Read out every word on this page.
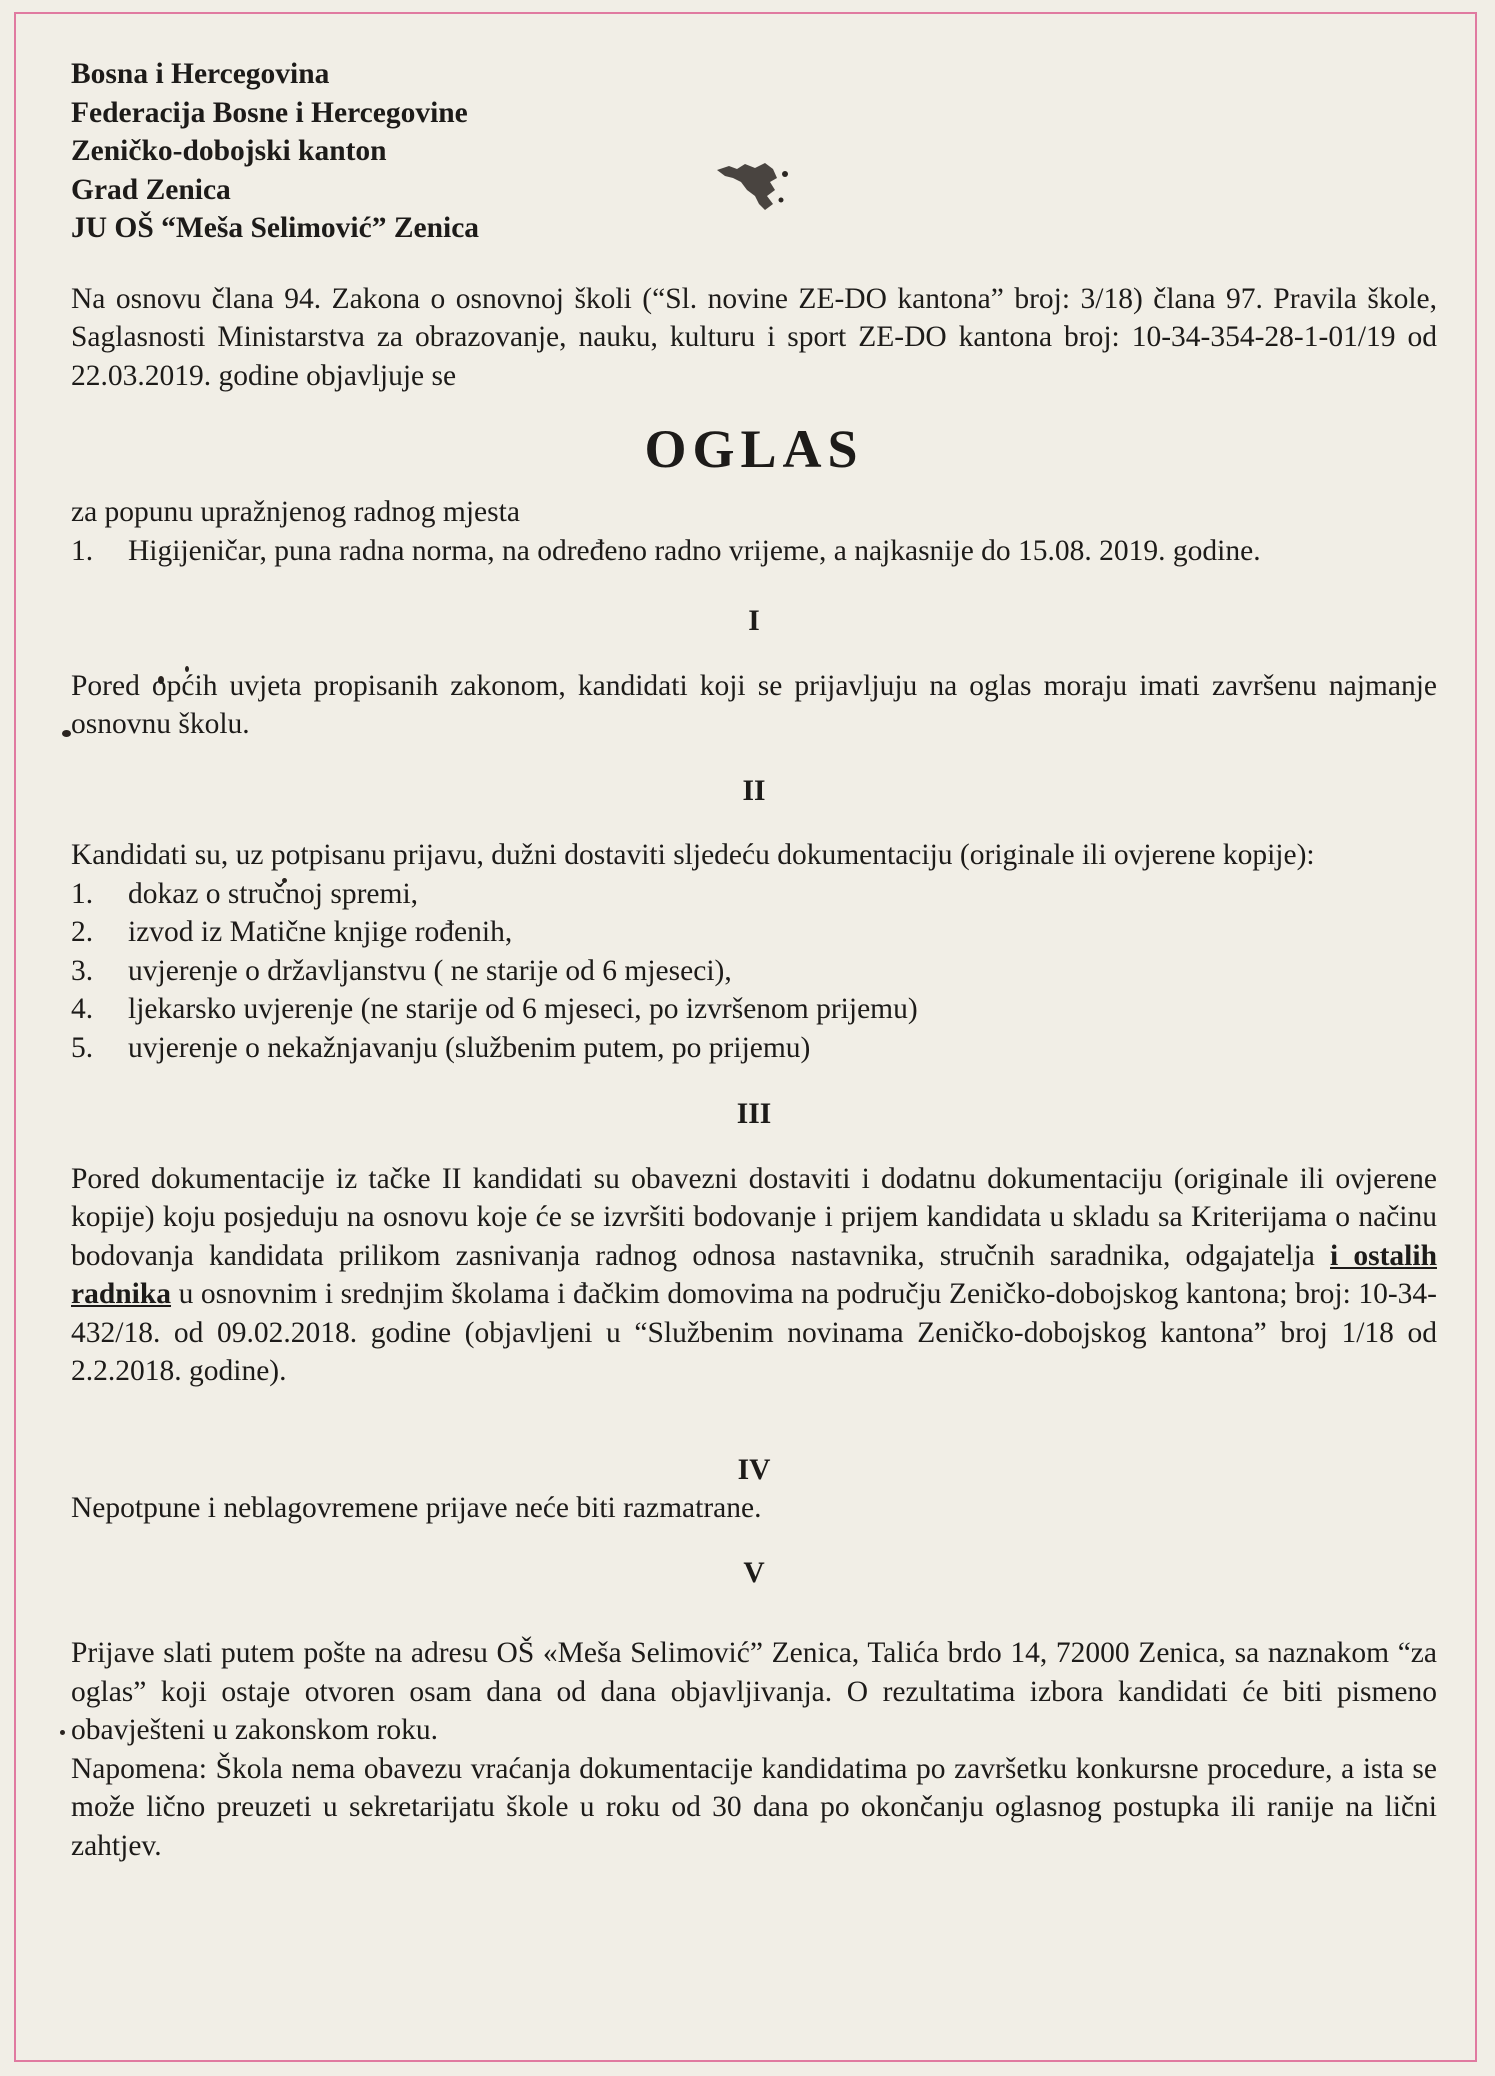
Bosna i Hercegovina
Federacija Bosne i Hercegovine
Zeničko-dobojski kanton
Grad Zenica
JU OŠ “Meša Selimović” Zenica

Na osnovu člana 94. Zakona o osnovnoj školi (“Sl. novine ZE-DO kantona” broj: 3/18) člana 97. Pravila škole, Saglasnosti Ministarstva za obrazovanje, nauku, kulturu i sport ZE-DO kantona broj: 10-34-354-28-1-01/19 od 22.03.2019. godine objavljuje se

OGLAS
za popunu upražnjenog radnog mjesta
1.	Higijeničar, puna radna norma, na određeno radno vrijeme, a najkasnije do 15.08. 2019. godine.
I

Pored općih uvjeta propisanih zakonom, kandidati koji se prijavljuju na oglas moraju imati završenu najmanje osnovnu školu.

II

Kandidati su, uz potpisanu prijavu, dužni dostaviti sljedeću dokumentaciju (originale ili ovjerene kopije):

1.	dokaz o stručnoj spremi,
2.	izvod iz Matične knjige rođenih,
3.	uvjerenje o državljanstvu ( ne starije od 6 mjeseci),
4.	ljekarsko uvjerenje (ne starije od 6 mjeseci, po izvršenom prijemu)
5.	uvjerenje o nekažnjavanju (službenim putem, po prijemu)
III

Pored dokumentacije iz tačke II kandidati su obavezni dostaviti i dodatnu dokumentaciju (originale ili ovjerene kopije) koju posjeduju na osnovu koje će se izvršiti bodovanje i prijem kandidata u skladu sa Kriterijama o načinu bodovanja kandidata prilikom zasnivanja radnog odnosa nastavnika, stručnih saradnika, odgajatelja i ostalih radnika u osnovnim i srednjim školama i đačkim domovima na području Zeničko-dobojskog kantona; broj: 10-34-432/18. od 09.02.2018. godine (objavljeni u “Službenim novinama Zeničko-dobojskog kantona” broj 1/18 od 2.2.2018. godine).

IV

Nepotpune i neblagovremene prijave neće biti razmatrane.

V

Prijave slati putem pošte na adresu OŠ «Meša Selimović” Zenica, Talića brdo 14, 72000 Zenica, sa naznakom “za oglas” koji ostaje otvoren osam dana od dana objavljivanja. O rezultatima izbora kandidati će biti pismeno obavješteni u zakonskom roku.

Napomena: Škola nema obavezu vraćanja dokumentacije kandidatima po završetku konkursne procedure, a ista se može lično preuzeti u sekretarijatu škole u roku od 30 dana po okončanju oglasnog postupka ili ranije na lični zahtjev.
